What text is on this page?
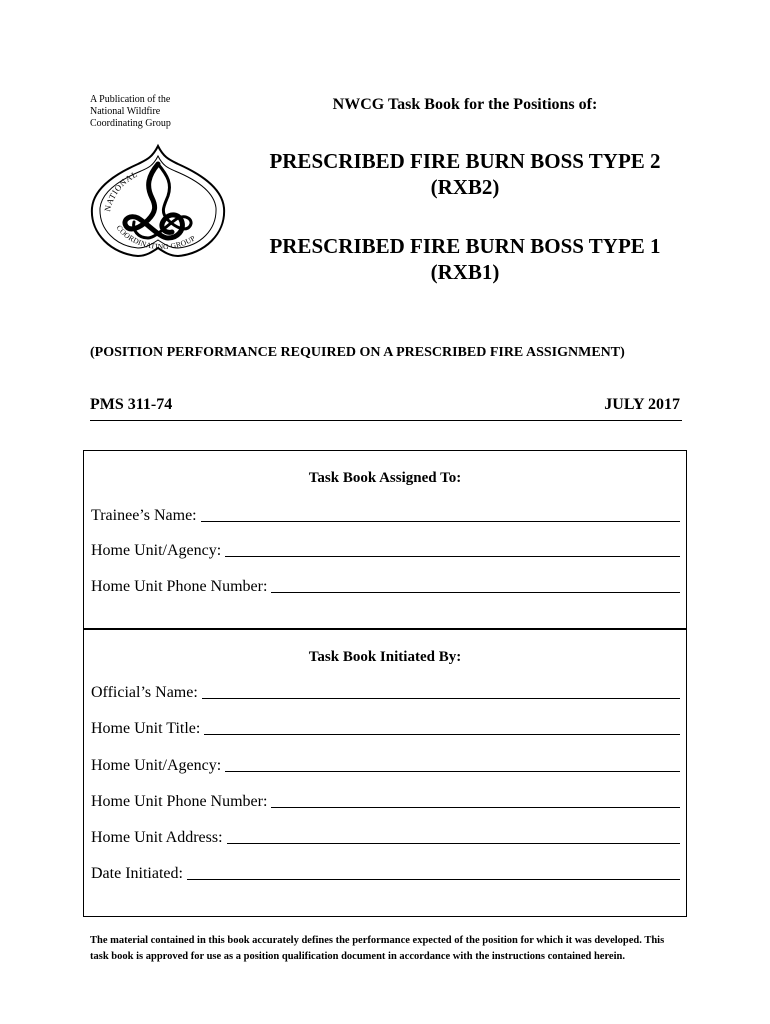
A Publication of the
National Wildfire
Coordinating Group
NATIONAL
COORDINATING GROUP
NWCG Task Book for the Positions of:
PRESCRIBED FIRE BURN BOSS TYPE 2
(RXB2)
PRESCRIBED FIRE BURN BOSS TYPE 1
(RXB1)
(POSITION PERFORMANCE REQUIRED ON A PRESCRIBED FIRE ASSIGNMENT)
PMS 311-74	JULY 2017
Task Book Assigned To:
Trainee’s Name:
Home Unit/Agency:
Home Unit Phone Number:
Task Book Initiated By:
Official’s Name:
Home Unit Title:
Home Unit/Agency:
Home Unit Phone Number:
Home Unit Address:
Date Initiated:
The material contained in this book accurately defines the performance expected of the position for which it was developed. This task book is approved for use as a position qualification document in accordance with the instructions contained herein.
